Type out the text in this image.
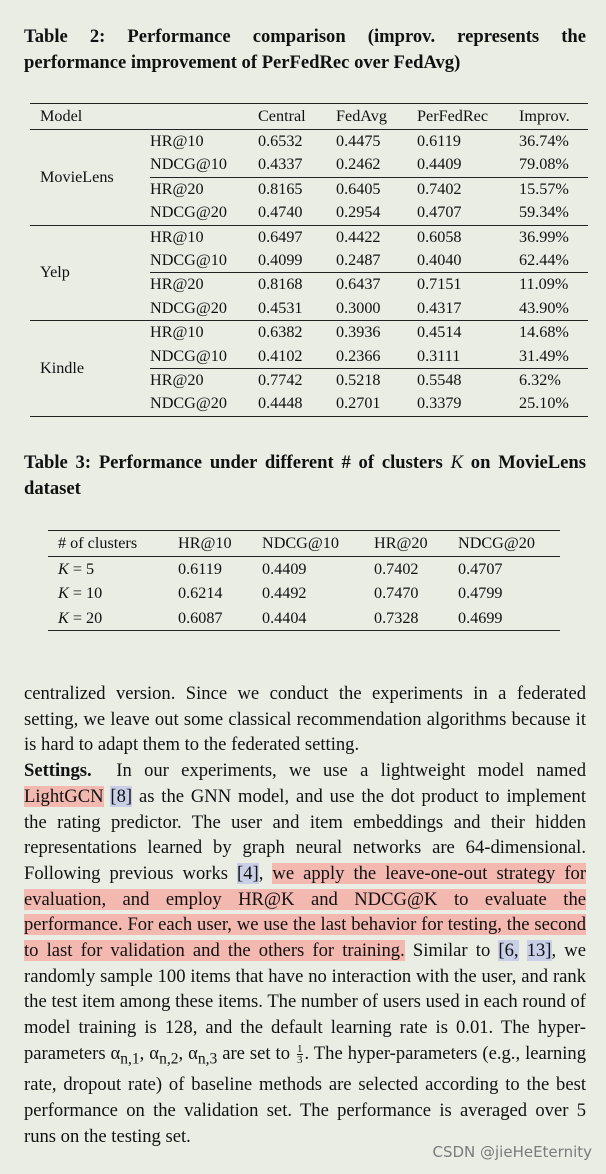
Table 2: Performance comparison (improv. represents the performance improvement of PerFedRec over FedAvg)
Model		Central	FedAvg	PerFedRec	Improv.
MovieLens	HR@10	0.6532	0.4475	0.6119	36.74%
	NDCG@10	0.4337	0.2462	0.4409	79.08%
	HR@20	0.8165	0.6405	0.7402	15.57%
	NDCG@20	0.4740	0.2954	0.4707	59.34%
Yelp	HR@10	0.6497	0.4422	0.6058	36.99%
	NDCG@10	0.4099	0.2487	0.4040	62.44%
	HR@20	0.8168	0.6437	0.7151	11.09%
	NDCG@20	0.4531	0.3000	0.4317	43.90%
Kindle	HR@10	0.6382	0.3936	0.4514	14.68%
	NDCG@10	0.4102	0.2366	0.3111	31.49%
	HR@20	0.7742	0.5218	0.5548	6.32%
	NDCG@20	0.4448	0.2701	0.3379	25.10%
Table 3: Performance under different # of clusters K on MovieLens dataset
# of clusters	HR@10	NDCG@10	HR@20	NDCG@20
K = 5	0.6119	0.4409	0.7402	0.4707
K = 10	0.6214	0.4492	0.7470	0.4799
K = 20	0.6087	0.4404	0.7328	0.4699
centralized version. Since we conduct the experiments in a federated setting, we leave out some classical recommendation algorithms because it is hard to adapt them to the federated setting.
Settings. In our experiments, we use a lightweight model named LightGCN [8] as the GNN model, and use the dot product to implement the rating predictor. The user and item embeddings and their hidden representations learned by graph neural networks are 64-dimensional. Following previous works [4], we apply the leave-one-out strategy for evaluation, and employ HR@K and NDCG@K to evaluate the performance. For each user, we use the last behavior for testing, the second to last for validation and the others for training. Similar to [6, 13], we randomly sample 100 items that have no interaction with the user, and rank the test item among these items. The number of users used in each round of model training is 128, and the default learning rate is 0.01. The hyper-parameters $\alpha_{n,1}$, $\alpha_{n,2}$, $\alpha_{n,3}$ are set to $\frac{1}{3}$ . The hyper-parameters (e.g., learning rate, dropout rate) of baseline methods are selected according to the best performance on the validation set. The performance is averaged over 5 runs on the testing set.
CSDN @jieHeEternity
